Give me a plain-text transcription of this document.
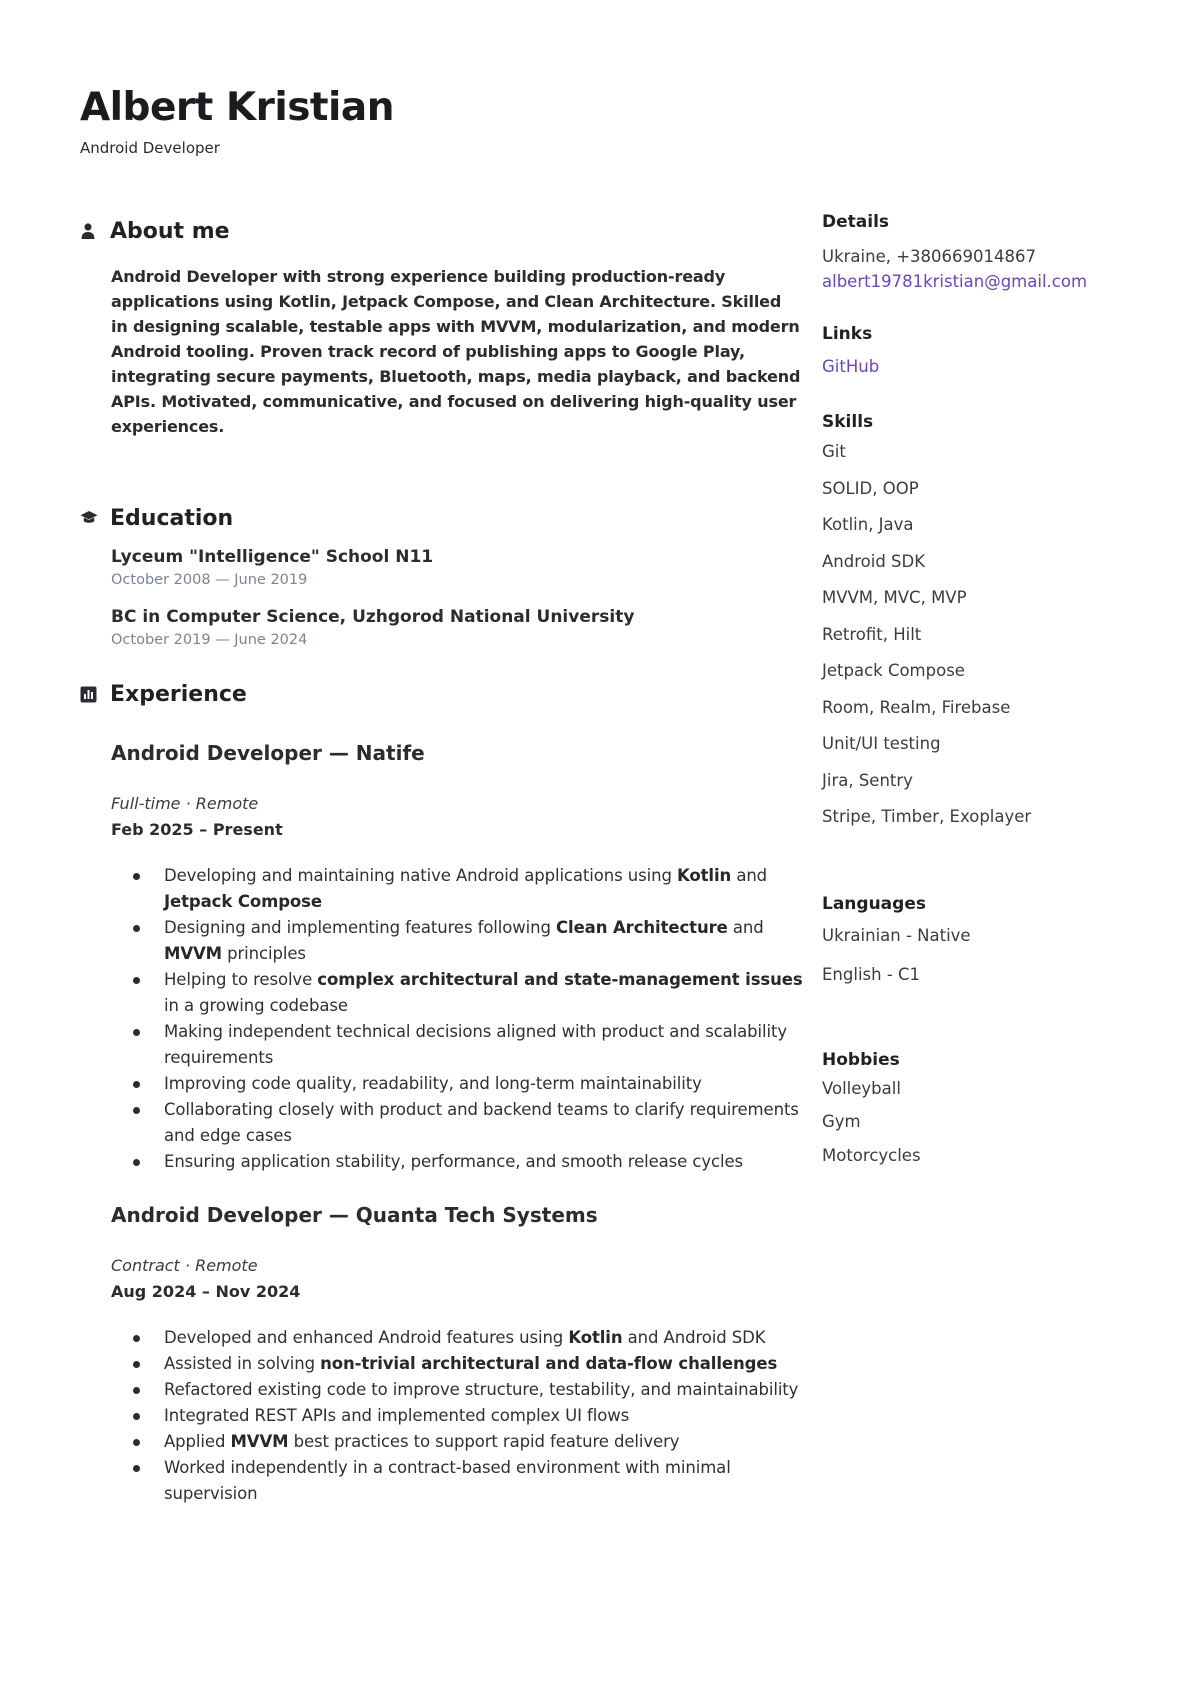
Albert Kristian
Android Developer
About me
Android Developer with strong experience building production-ready applications using Kotlin, Jetpack Compose, and Clean Architecture. Skilled in designing scalable, testable apps with MVVM, modularization, and modern Android tooling. Proven track record of publishing apps to Google Play, integrating secure payments, Bluetooth, maps, media playback, and backend APIs. Motivated, communicative, and focused on delivering high-quality user experiences.
Education
Lyceum "Intelligence" School N11
October 2008 — June 2019
BC in Computer Science, Uzhgorod National University
October 2019 — June 2024
Experience
Android Developer — Natife
Full-time · Remote
Feb 2025 – Present
Developing and maintaining native Android applications using Kotlin and Jetpack Compose
Designing and implementing features following Clean Architecture and MVVM principles
Helping to resolve complex architectural and state-management issues in a growing codebase
Making independent technical decisions aligned with product and scalability requirements
Improving code quality, readability, and long-term maintainability
Collaborating closely with product and backend teams to clarify requirements and edge cases
Ensuring application stability, performance, and smooth release cycles
Android Developer — Quanta Tech Systems
Contract · Remote
Aug 2024 – Nov 2024
Developed and enhanced Android features using Kotlin and Android SDK
Assisted in solving non-trivial architectural and data-flow challenges
Refactored existing code to improve structure, testability, and maintainability
Integrated REST APIs and implemented complex UI flows
Applied MVVM best practices to support rapid feature delivery
Worked independently in a contract-based environment with minimal supervision
Details
Ukraine, +380669014867
albert19781kristian@gmail.com
Links
GitHub
Skills
Git
SOLID, OOP
Kotlin, Java
Android SDK
MVVM, MVC, MVP
Retrofit, Hilt
Jetpack Compose
Room, Realm, Firebase
Unit/UI testing
Jira, Sentry
Stripe, Timber, Exoplayer
Languages
Ukrainian - Native
English - C1
Hobbies
Volleyball
Gym
Motorcycles
